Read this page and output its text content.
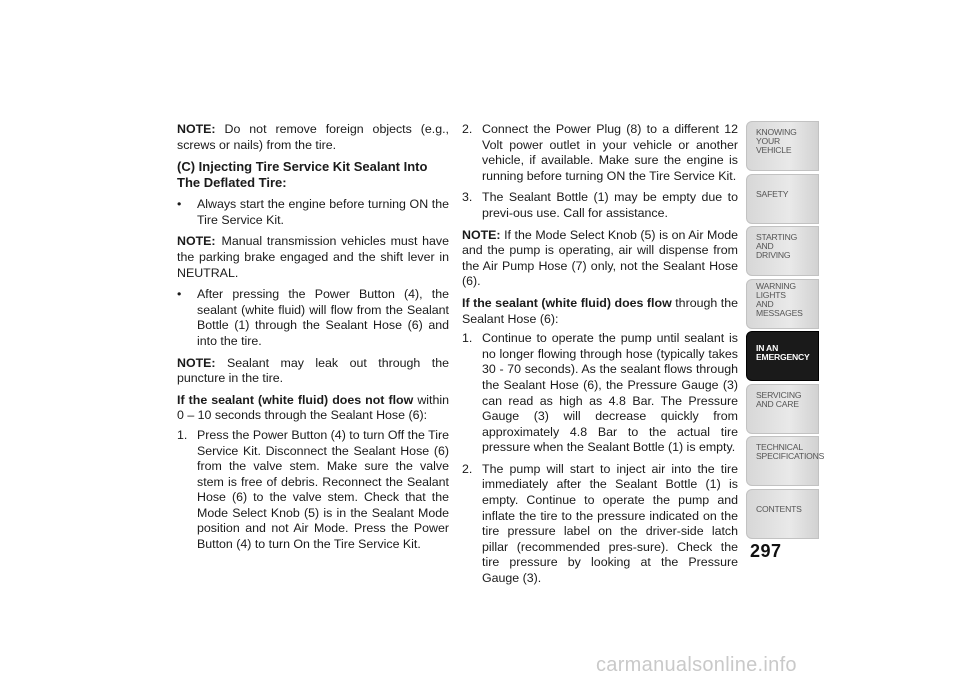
NOTE: Do not remove foreign objects (e.g., screws or nails) from the tire.

(C) Injecting Tire Service Kit Sealant Into The Deflated Tire:
• Always start the engine before turning ON the Tire Service Kit.

NOTE: Manual transmission vehicles must have the parking brake engaged and the shift lever in NEUTRAL.

• After pressing the Power Button (4), the sealant (white fluid) will flow from the Sealant Bottle (1) through the Sealant Hose (6) and into the tire.

NOTE: Sealant may leak out through the puncture in the tire.

If the sealant (white fluid) does not flow within 0 – 10 seconds through the Sealant Hose (6):

1. Press the Power Button (4) to turn Off the Tire Service Kit. Disconnect the Sealant Hose (6) from the valve stem. Make sure the valve stem is free of debris. Reconnect the Sealant Hose (6) to the valve stem. Check that the Mode Select Knob (5) is in the Sealant Mode position and not Air Mode. Press the Power Button (4) to turn On the Tire Service Kit.
2. Connect the Power Plug (8) to a different 12 Volt power outlet in your vehicle or another vehicle, if available. Make sure the engine is running before turning ON the Tire Service Kit.
3. The Sealant Bottle (1) may be empty due to previ-ous use. Call for assistance.

NOTE: If the Mode Select Knob (5) is on Air Mode and the pump is operating, air will dispense from the Air Pump Hose (7) only, not the Sealant Hose (6).

If the sealant (white fluid) does flow through the Sealant Hose (6):

1. Continue to operate the pump until sealant is no longer flowing through hose (typically takes 30 - 70 seconds). As the sealant flows through the Sealant Hose (6), the Pressure Gauge (3) can read as high as 4.8 Bar. The Pressure Gauge (3) will decrease quickly from approximately 4.8 Bar to the actual tire pressure when the Sealant Bottle (1) is empty.
2. The pump will start to inject air into the tire immediately after the Sealant Bottle (1) is empty. Continue to operate the pump and inflate the tire to the pressure indicated on the tire pressure label on the driver-side latch pillar (recommended pres-sure). Check the tire pressure by looking at the Pressure Gauge (3).
KNOWING
YOUR
VEHICLE
SAFETY
STARTING
AND
DRIVING
WARNING
LIGHTS
AND
MESSAGES
IN AN
EMERGENCY
SERVICING
AND CARE
TECHNICAL
SPECIFICATIONS
CONTENTS
297
carmanualsonline.info
